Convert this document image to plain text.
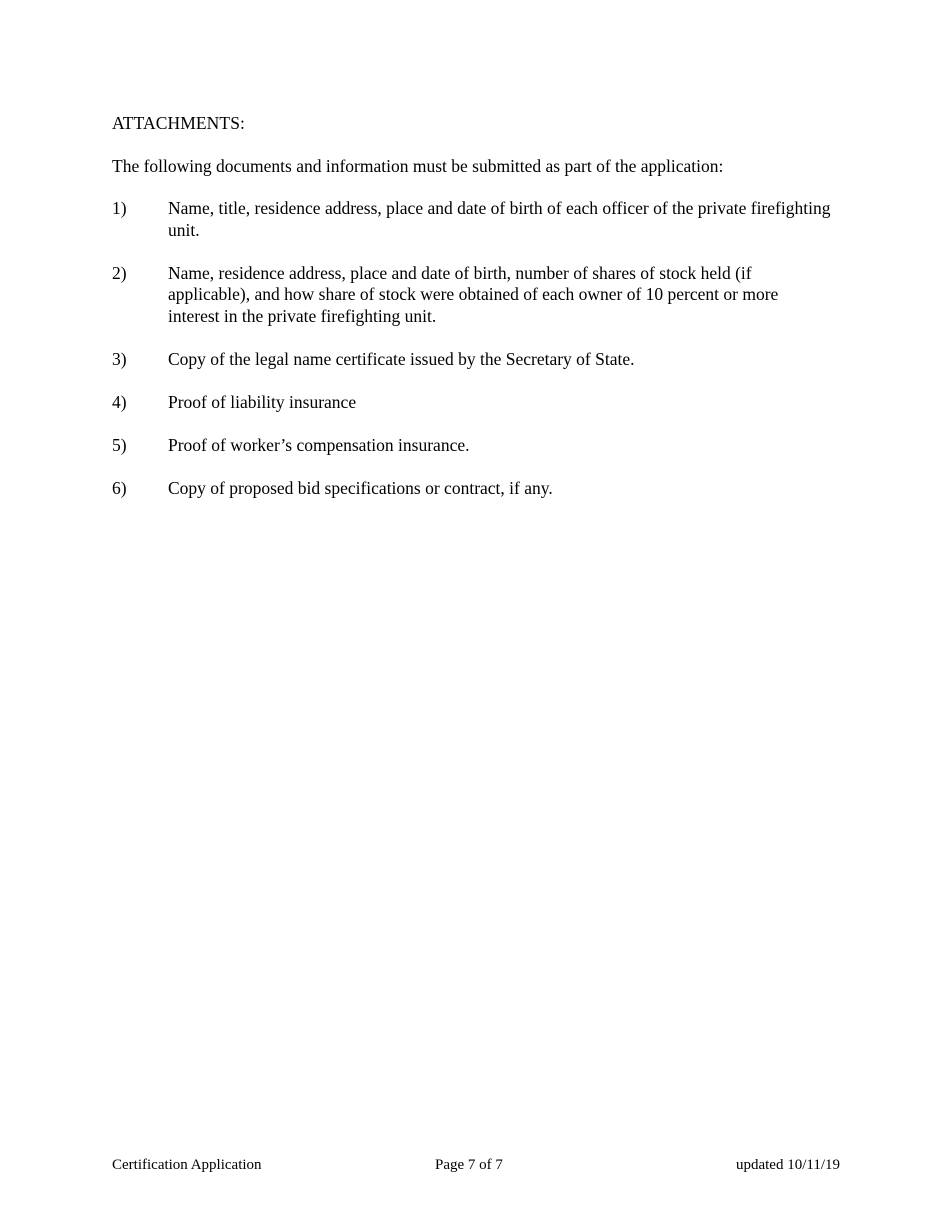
ATTACHMENTS:
The following documents and information must be submitted as part of the application:
1)	Name, title, residence address, place and date of birth of each officer of the private firefighting unit.
2)	Name, residence address, place and date of birth, number of shares of stock held (if applicable), and how share of stock were obtained of each owner of 10 percent or more interest in the private firefighting unit.
3)	Copy of the legal name certificate issued by the Secretary of State.
4)	Proof of liability insurance
5)	Proof of worker’s compensation insurance.
6)	Copy of proposed bid specifications or contract, if any.
Certification Application	Page 7 of 7	updated 10/11/19
